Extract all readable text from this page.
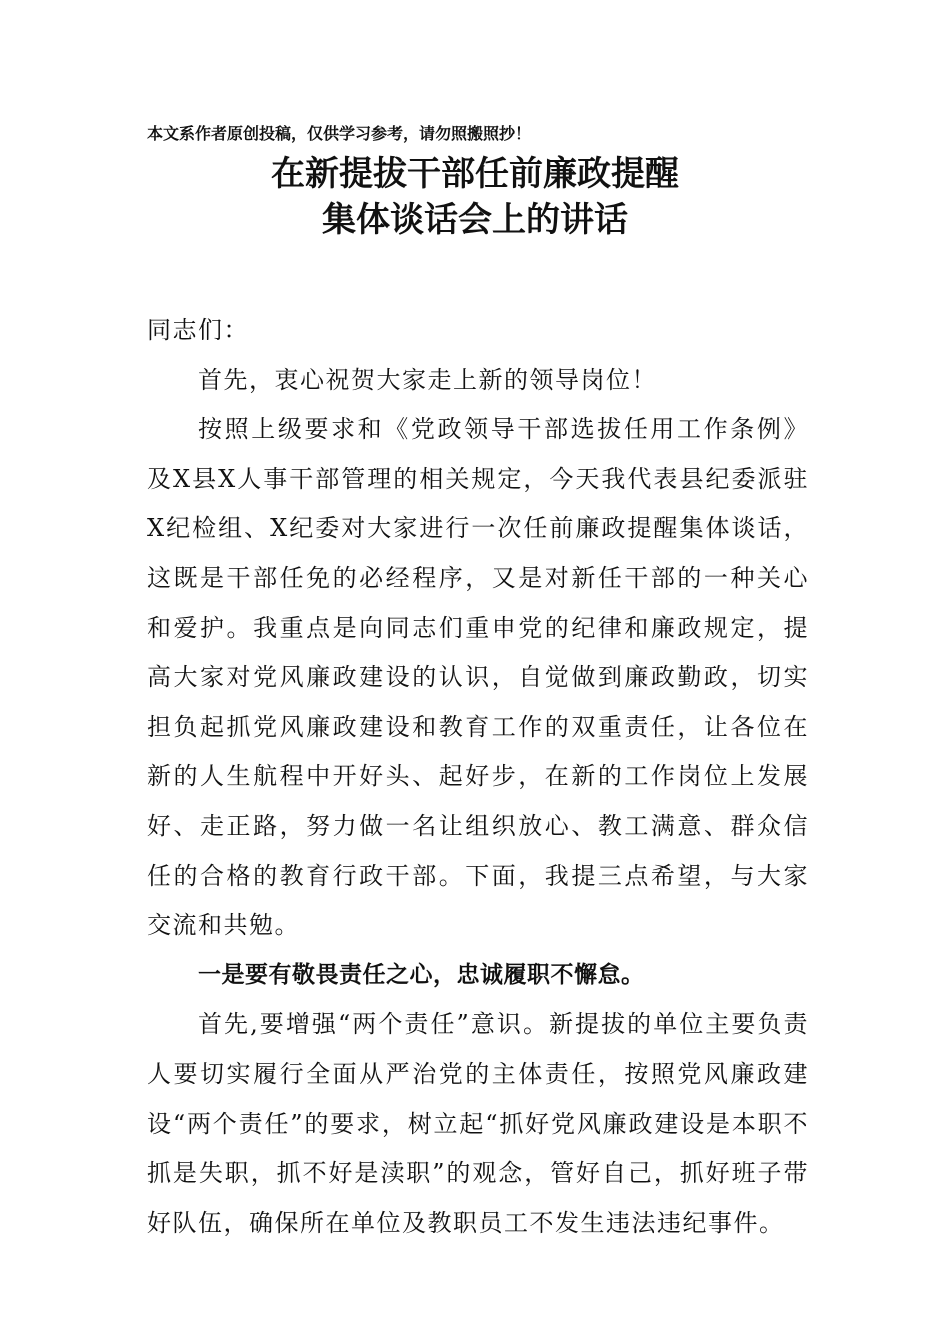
本文系作者原创投稿，仅供学习参考，请勿照搬照抄！
在新提拔干部任前廉政提醒
集体谈话会上的讲话

同志们：

首先，衷心祝贺大家走上新的领导岗位！

按照上级要求和《党政领导干部选拔任用工作条例》及X县X人事干部管理的相关规定，今天我代表县纪委派驻X纪检组、X纪委对大家进行一次任前廉政提醒集体谈话，这既是干部任免的必经程序，又是对新任干部的一种关心和爱护。我重点是向同志们重申党的纪律和廉政规定，提高大家对党风廉政建设的认识，自觉做到廉政勤政，切实担负起抓党风廉政建设和教育工作的双重责任，让各位在新的人生航程中开好头、起好步，在新的工作岗位上发展好、走正路，努力做一名让组织放心、教工满意、群众信任的合格的教育行政干部。下面，我提三点希望，与大家交流和共勉。

一是要有敬畏责任之心，忠诚履职不懈怠。

首先,要增强“两个责任”意识。新提拔的单位主要负责人要切实履行全面从严治党的主体责任，按照党风廉政建设“两个责任”的要求，树立起“抓好党风廉政建设是本职不抓是失职，抓不好是渎职”的观念，管好自己，抓好班子带好队伍，确保所在单位及教职员工不发生违法违纪事件。
